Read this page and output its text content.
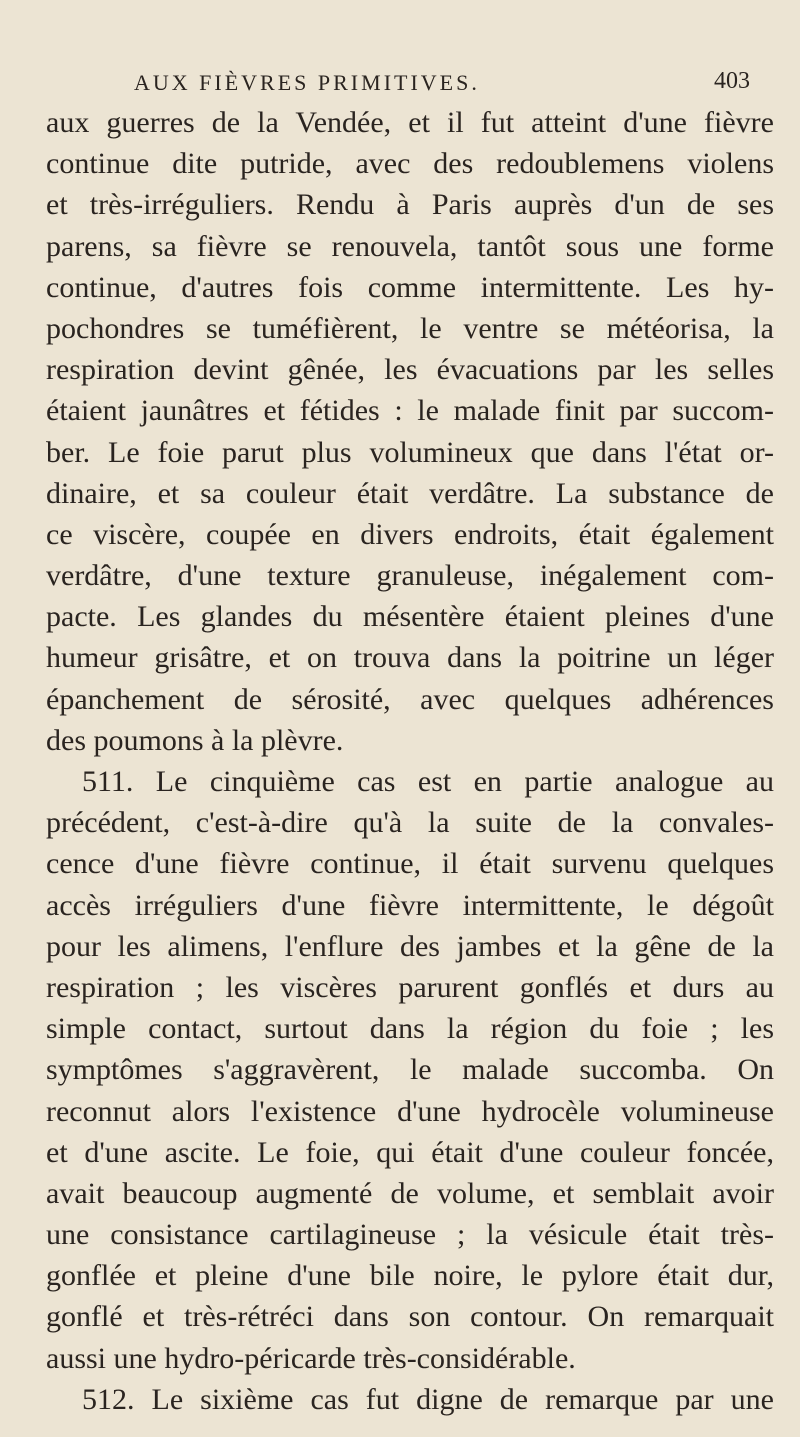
AUX FIÈVRES PRIMITIVES.	403
aux guerres de la Vendée, et il fut atteint d'une fièvre
continue dite putride, avec des redoublemens violens
et très-irréguliers. Rendu à Paris auprès d'un de ses
parens, sa fièvre se renouvela, tantôt sous une forme
continue, d'autres fois comme intermittente. Les hy-
pochondres se tuméfièrent, le ventre se météorisa, la
respiration devint gênée, les évacuations par les selles
étaient jaunâtres et fétides : le malade finit par succom-
ber. Le foie parut plus volumineux que dans l'état or-
dinaire, et sa couleur était verdâtre. La substance de
ce viscère, coupée en divers endroits, était également
verdâtre, d'une texture granuleuse, inégalement com-
pacte. Les glandes du mésentère étaient pleines d'une
humeur grisâtre, et on trouva dans la poitrine un léger
épanchement de sérosité, avec quelques adhérences
des poumons à la plèvre.
511. Le cinquième cas est en partie analogue au
précédent, c'est-à-dire qu'à la suite de la convales-
cence d'une fièvre continue, il était survenu quelques
accès irréguliers d'une fièvre intermittente, le dégoût
pour les alimens, l'enflure des jambes et la gêne de la
respiration ; les viscères parurent gonflés et durs au
simple contact, surtout dans la région du foie ; les
symptômes s'aggravèrent, le malade succomba. On
reconnut alors l'existence d'une hydrocèle volumineuse
et d'une ascite. Le foie, qui était d'une couleur foncée,
avait beaucoup augmenté de volume, et semblait avoir
une consistance cartilagineuse ; la vésicule était très-
gonflée et pleine d'une bile noire, le pylore était dur,
gonflé et très-rétréci dans son contour. On remarquait
aussi une hydro-péricarde très-considérable.
512. Le sixième cas fut digne de remarque par une
